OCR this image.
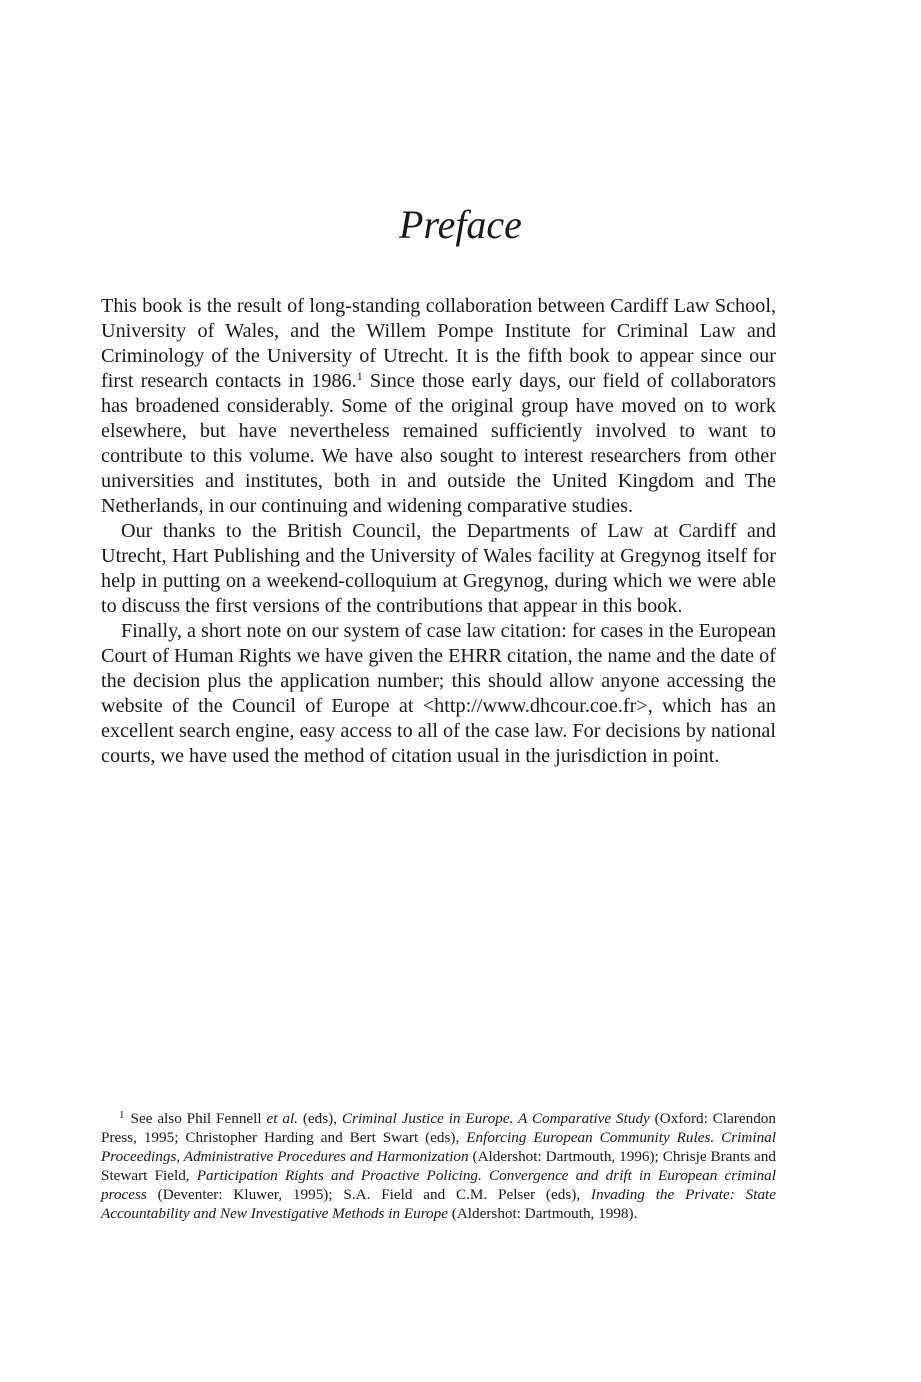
Preface

This book is the result of long-standing collaboration between Cardiff Law School, University of Wales, and the Willem Pompe Institute for Criminal Law and Criminology of the University of Utrecht. It is the fifth book to appear since our first research contacts in 1986.$^1$ Since those early days, our field of collaborators has broadened considerably. Some of the original group have moved on to work elsewhere, but have nevertheless remained sufficiently involved to want to contribute to this volume. We have also sought to interest researchers from other universities and institutes, both in and outside the United Kingdom and The Netherlands, in our continuing and widening comparative studies.

Our thanks to the British Council, the Departments of Law at Cardiff and Utrecht, Hart Publishing and the University of Wales facility at Gregynog itself for help in putting on a weekend-colloquium at Gregynog, during which we were able to discuss the first versions of the contributions that appear in this book.

Finally, a short note on our system of case law citation: for cases in the European Court of Human Rights we have given the EHRR citation, the name and the date of the decision plus the application number; this should allow anyone accessing the website of the Council of Europe at <http://www.dhcour.​coe.fr>, which has an excellent search engine, easy access to all of the case law. For decisions by national courts, we have used the method of citation usual in the jurisdiction in point.

$^1$ See also Phil Fennell et al. (eds), Criminal Justice in Europe. A Comparative Study (Oxford: Clarendon Press, 1995; Christopher Harding and Bert Swart (eds), Enforcing European Community Rules. Criminal Proceedings, Administrative Procedures and Harmonization (Aldershot: Dartmouth, 1996); Chrisje Brants and Stewart Field, Participation Rights and Proactive Policing. Convergence and drift in European criminal process (Deventer: Kluwer, 1995); S.A. Field and C.M. Pelser (eds), Invading the Private: State Accountability and New Investigative Methods in Europe (Aldershot: Dartmouth, 1998).
